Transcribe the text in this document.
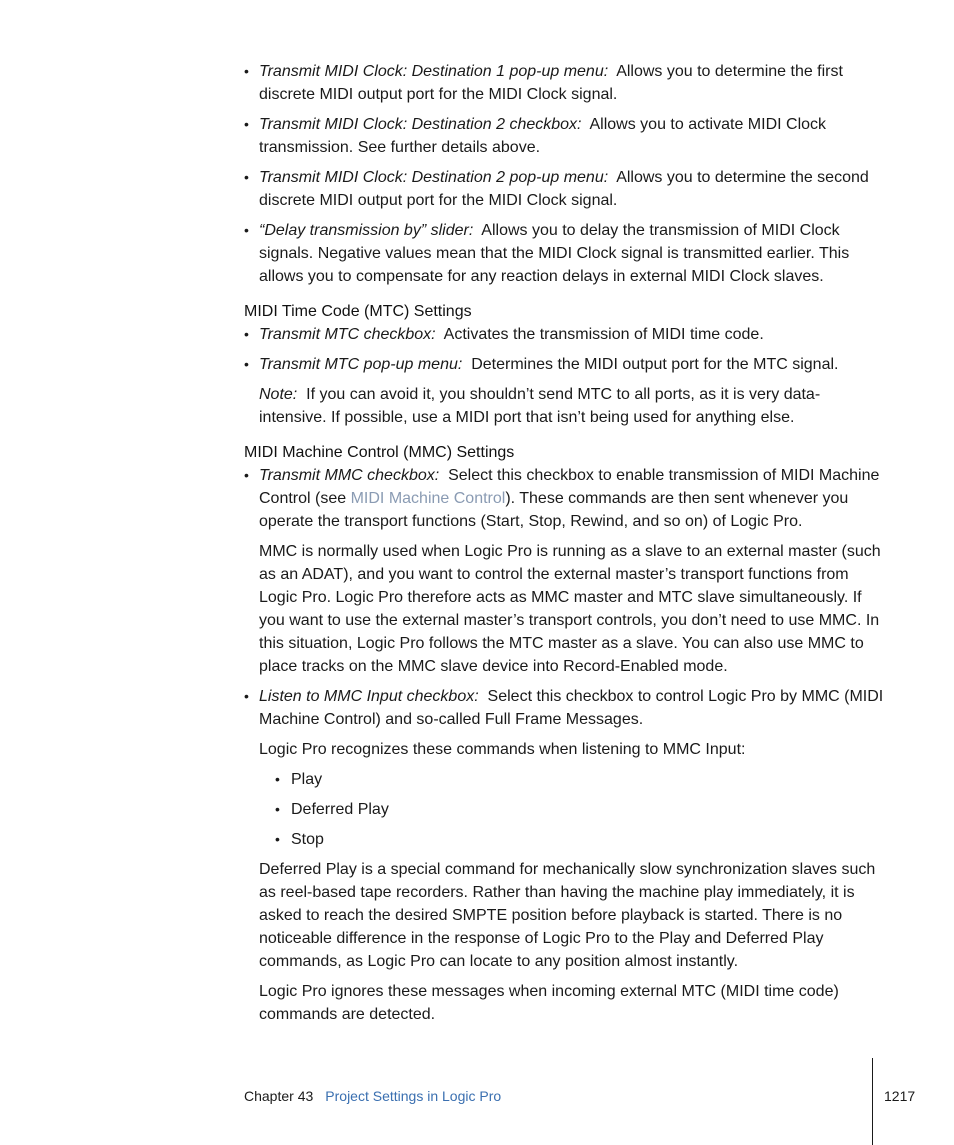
• Transmit MIDI Clock: Destination 1 pop-up menu: Allows you to determine the first discrete MIDI output port for the MIDI Clock signal.
• Transmit MIDI Clock: Destination 2 checkbox: Allows you to activate MIDI Clock transmission. See further details above.
• Transmit MIDI Clock: Destination 2 pop-up menu: Allows you to determine the second discrete MIDI output port for the MIDI Clock signal.
• “Delay transmission by” slider: Allows you to delay the transmission of MIDI Clock signals. Negative values mean that the MIDI Clock signal is transmitted earlier. This allows you to compensate for any reaction delays in external MIDI Clock slaves.
MIDI Time Code (MTC) Settings
• Transmit MTC checkbox: Activates the transmission of MIDI time code.
• Transmit MTC pop-up menu: Determines the MIDI output port for the MTC signal.
Note: If you can avoid it, you shouldn’t send MTC to all ports, as it is very data-intensive. If possible, use a MIDI port that isn’t being used for anything else.
MIDI Machine Control (MMC) Settings
• Transmit MMC checkbox: Select this checkbox to enable transmission of MIDI Machine Control (see MIDI Machine Control). These commands are then sent whenever you operate the transport functions (Start, Stop, Rewind, and so on) of Logic Pro.
MMC is normally used when Logic Pro is running as a slave to an external master (such as an ADAT), and you want to control the external master’s transport functions from Logic Pro. Logic Pro therefore acts as MMC master and MTC slave simultaneously. If you want to use the external master’s transport controls, you don’t need to use MMC. In this situation, Logic Pro follows the MTC master as a slave. You can also use MMC to place tracks on the MMC slave device into Record-Enabled mode.
• Listen to MMC Input checkbox: Select this checkbox to control Logic Pro by MMC (MIDI Machine Control) and so-called Full Frame Messages.
Logic Pro recognizes these commands when listening to MMC Input:
• Play
• Deferred Play
• Stop
Deferred Play is a special command for mechanically slow synchronization slaves such as reel-based tape recorders. Rather than having the machine play immediately, it is asked to reach the desired SMPTE position before playback is started. There is no noticeable difference in the response of Logic Pro to the Play and Deferred Play commands, as Logic Pro can locate to any position almost instantly.
Logic Pro ignores these messages when incoming external MTC (MIDI time code) commands are detected.
Chapter 43 Project Settings in Logic Pro	1217
